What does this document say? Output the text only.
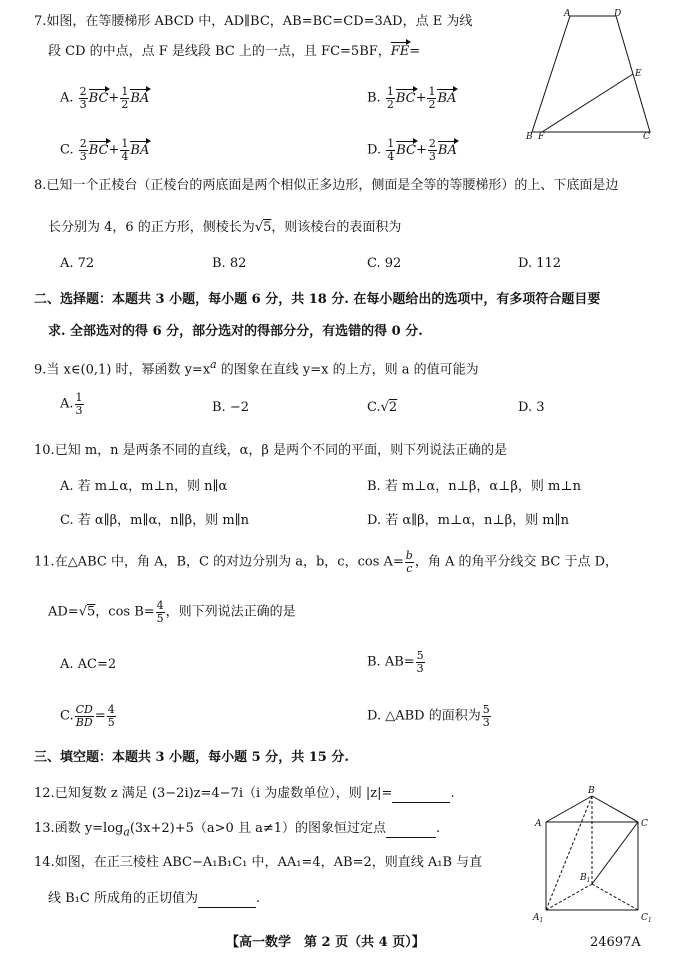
7.如图，在等腰梯形 ABCD 中，AD∥BC，AB=BC=CD=3AD，点 E 为线
段 CD 的中点，点 F 是线段 BC 上的一点，且 FC=5BF，FE=
A. $\frac{2}{3} BC+ \frac{1}{2}$ BA	B. $\frac{1}{2} BC+ \frac{1}{2}$ BA
C. $\frac{2}{3} BC+ \frac{1}{4}$ BA	D. $\frac{1}{4} BC+ \frac{2}{3}$ BA
A	D
E
B F	C
8.已知一个正棱台（正棱台的两底面是两个相似正多边形，侧面是全等的等腰梯形）的上、下底面是边
长分别为 4，6 的正方形，侧棱长为√5，则该棱台的表面积为
A. 72	B. 82	C. 92	D. 112
二、选择题：本题共 3 小题，每小题 6 分，共 18 分. 在每小题给出的选项中，有多项符合题目要
求. 全部选对的得 6 分，部分选对的得部分分，有选错的得 0 分.
9.当 x∈(0,1) 时，幂函数 $y=x^a$ 的图象在直线 y=x 的上方，则 a 的值可能为
A. $\frac{1}{3}$	B. −2	C.√2	D. 3
10.已知 m，n 是两条不同的直线，α，β 是两个不同的平面，则下列说法正确的是
A. 若 m⊥α，m⊥n，则 n∥α	B. 若 m⊥α，n⊥β，α⊥β，则 m⊥n
C. 若 α∥β，m∥α，n∥β，则 m∥n	D. 若 α∥β，m⊥α，n⊥β，则 m∥n
11.在△ABC 中，角 A，B，C 的对边分别为 a，b，c，$\cos A= \frac{b}{c}$ ，角 A 的角平分线交 BC 于点 D，
AD=√5，$\cos B= \frac{4}{5}$ ，则下列说法正确的是
A. AC=2	B. $AB= \frac{5}{3}$
C. $\frac{CD}{BD} = \frac{4}{5}$	D. △ABD 的面积为 $\frac{5}{3}$
三、填空题：本题共 3 小题，每小题 5 分，共 15 分.
12.已知复数 z 满足 (3−2i)z=4−7i（i 为虚数单位），则 |z|=	.
13.函数 $y=\log_a(3x+2)+5(a>0$ 且 a≠1）的图象恒过定点	.
14.如图，在正三棱柱 ABC−A₁B₁C₁ 中，AA₁=4，AB=2，则直线 A₁B 与直
线 B₁C 所成角的正切值为	.
B
A	C
$B_1$
$A_1$	$C_1$
【高一数学　第 2 页（共 4 页）】	24697A
